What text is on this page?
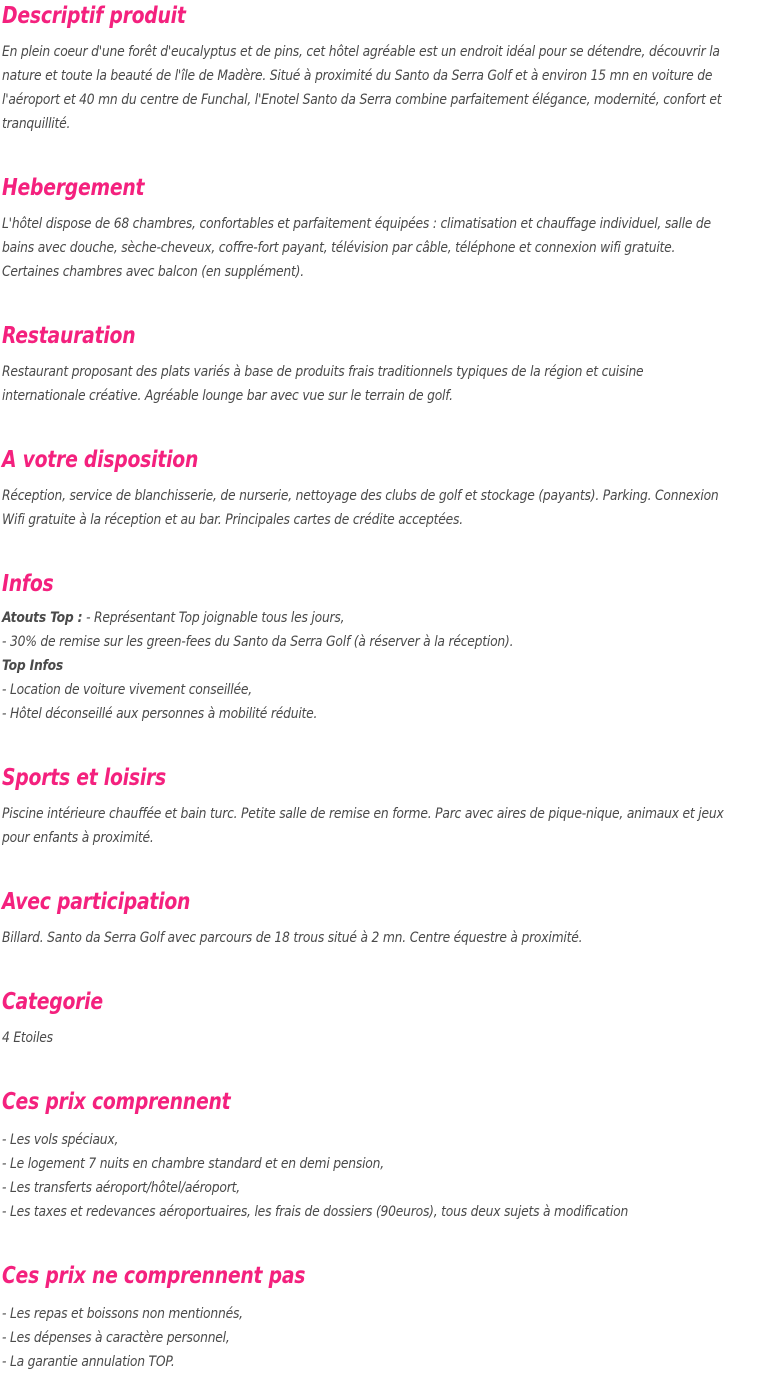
Descriptif produit
En plein coeur d'une forêt d'eucalyptus et de pins, cet hôtel agréable est un endroit idéal pour se détendre, découvrir la
nature et toute la beauté de l'île de Madère. Situé à proximité du Santo da Serra Golf et à environ 15 mn en voiture de
l'aéroport et 40 mn du centre de Funchal, l'Enotel Santo da Serra combine parfaitement élégance, modernité, confort et
tranquillité.
Hebergement
L'hôtel dispose de 68 chambres, confortables et parfaitement équipées : climatisation et chauffage individuel, salle de
bains avec douche, sèche-cheveux, coffre-fort payant, télévision par câble, téléphone et connexion wifi gratuite.
Certaines chambres avec balcon (en supplément).
Restauration
Restaurant proposant des plats variés à base de produits frais traditionnels typiques de la région et cuisine
internationale créative. Agréable lounge bar avec vue sur le terrain de golf.
A votre disposition
Réception, service de blanchisserie, de nurserie, nettoyage des clubs de golf et stockage (payants). Parking. Connexion
Wifi gratuite à la réception et au bar. Principales cartes de crédite acceptées.
Infos
Atouts Top : - Représentant Top joignable tous les jours,
- 30% de remise sur les green-fees du Santo da Serra Golf (à réserver à la réception).
Top Infos
- Location de voiture vivement conseillée,
- Hôtel déconseillé aux personnes à mobilité réduite.
Sports et loisirs
Piscine intérieure chauffée et bain turc. Petite salle de remise en forme. Parc avec aires de pique-nique, animaux et jeux
pour enfants à proximité.
Avec participation
Billard. Santo da Serra Golf avec parcours de 18 trous situé à 2 mn. Centre équestre à proximité.
Categorie
4 Etoiles
Ces prix comprennent
- Les vols spéciaux,
- Le logement 7 nuits en chambre standard et en demi pension,
- Les transferts aéroport/hôtel/aéroport,
- Les taxes et redevances aéroportuaires, les frais de dossiers (90euros), tous deux sujets à modification
Ces prix ne comprennent pas
- Les repas et boissons non mentionnés,
- Les dépenses à caractère personnel,
- La garantie annulation TOP.
